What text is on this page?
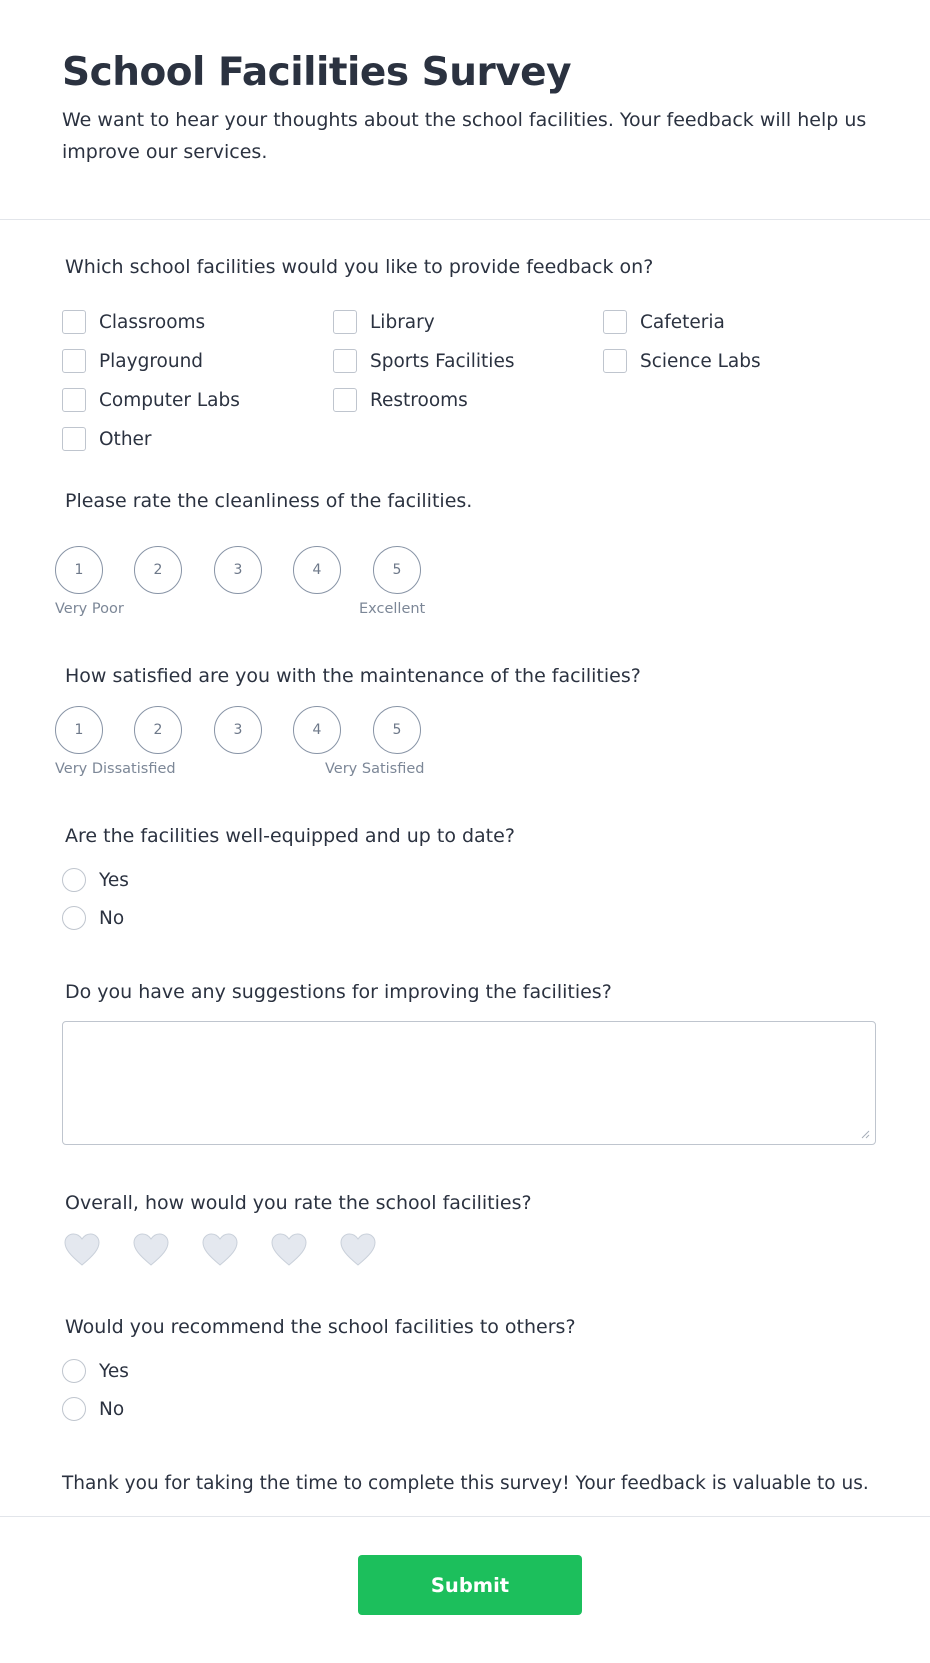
School Facilities Survey

We want to hear your thoughts about the school facilities. Your feedback will help us improve our services.

Which school facilities would you like to provide feedback on?
Classrooms	Library	Cafeteria
Playground	Sports Facilities	Science Labs
Computer Labs	Restrooms
Other
Please rate the cleanliness of the facilities.
1	2	3	4	5
Very Poor	Excellent
How satisfied are you with the maintenance of the facilities?
1	2	3	4	5
Very Dissatisfied	Very Satisfied
Are the facilities well-equipped and up to date?
Yes
No
Do you have any suggestions for improving the facilities?
Overall, how would you rate the school facilities?
Would you recommend the school facilities to others?
Yes
No
Thank you for taking the time to complete this survey! Your feedback is valuable to us.
Submit
